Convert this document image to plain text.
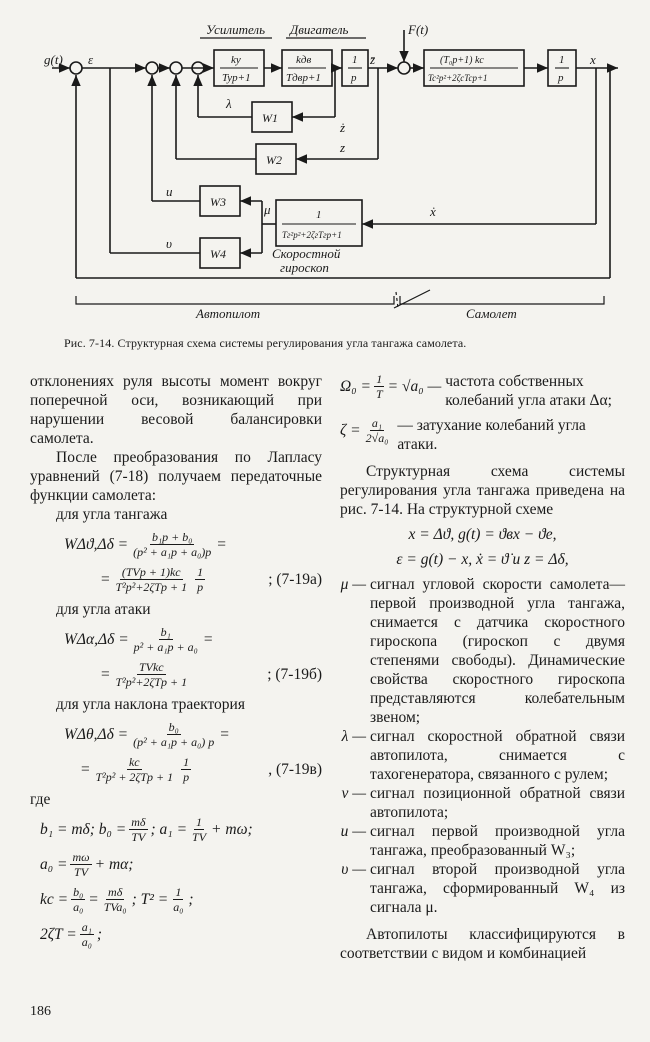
Усилитель Двигатель
g(t) ε
F(t)
x
z̄
λ
ż
z
u
υ
μ	ẋ
Скоростной
гироскоп
Автопилот	Самолет
ky
Typ+1
kдв
Tдвp+1
1
p
(T₀p+1) kc
Tc²p²+2ζcTcp+1
1
p
W1
W2
W3
W4
1
Tг²p²+2ζгTгp+1
Рис. 7-14. Структурная схема системы регулирования угла тангажа самолета.

отклонениях руля высоты момент вокруг поперечной оси, возникающий при нарушении весовой балансировки самолета.

После преобразования по Лапласу уравнений (7-18) получаем передаточные функции самолета:

для угла тангажа

$W\Delta ϑ,\Delta\delta = \frac{\text{b₁p + b₀}}{\text{(p² + a₁p + a₀)p}}$ =
= $\frac{\text{(TVp + 1)kc}}{\text{T²p²+2ζTp + 1}} \frac{1}{p}$	; (7-19а)

для угла атаки

$W\Delta\alpha,\Delta\delta = \frac{\text{b₁}}{\text{p² + a₁p + a₀}}$ =
= $\frac{\text{TVkc}}{\text{T²p²+2ζTp + 1}}$	; (7-19б)

для угла наклона траектория

$W\Delta\theta,\Delta\delta = \frac{\text{b₀}}{\text{(p² + a₁p + a₀) p}}$ =
= $\frac{kc}{\text{T²p² + 2ζTp + 1}} \frac{1}{p}$	, (7-19в)

где

b₁ = mδ; $b_0 = \frac{m\delta}{TV}$ ; $a_1 = \frac{1}{TV} + m\omega$;
$a_0 = \frac{m\omega}{TV} + m\alpha$;
kc = $\frac{\text{b₀}}{\text{a₀}} = \frac{m\delta}{\text{TVa₀}}$ ; $T^2 = \frac{1}{\text{a₀}}$ ;
$2\zeta T = \frac{\text{a₁}}{\text{a₀}}$ ;
$\Omega_0 = \frac{1}{T} = √a_0$ — частота собственных колебаний угла атаки Δα;
$\zeta = \frac{\text{a₁}}{\text{2√a₀}}$ — затухание колебаний угла атаки.

Структурная схема системы регулирования угла тангажа приведена на рис. 7-14. На структурной схеме

x = Δϑ, g(t) = ϑвх − ϑе,
ε = g(t) − x, ẋ = ϑ̇ и z = Δδ,
μ — сигнал угловой скорости самолета—первой производной угла тангажа, снимается с датчика скоростного гироскопа (гироскоп с двумя степенями свободы). Динамические свойства скоростного гироскопа представляются колебательным звеном;
λ — сигнал скоростной обратной связи автопилота, снимается с тахогенератора, связанного с рулем;
ν — сигнал позиционной обратной связи автопилота;
u — сигнал первой производной угла тангажа, преобразованный W₃;
υ — сигнал второй производной угла тангажа, сформированный W₄ из сигнала μ.

Автопилоты классифицируются в соответствии с видом и комбинацией

186
